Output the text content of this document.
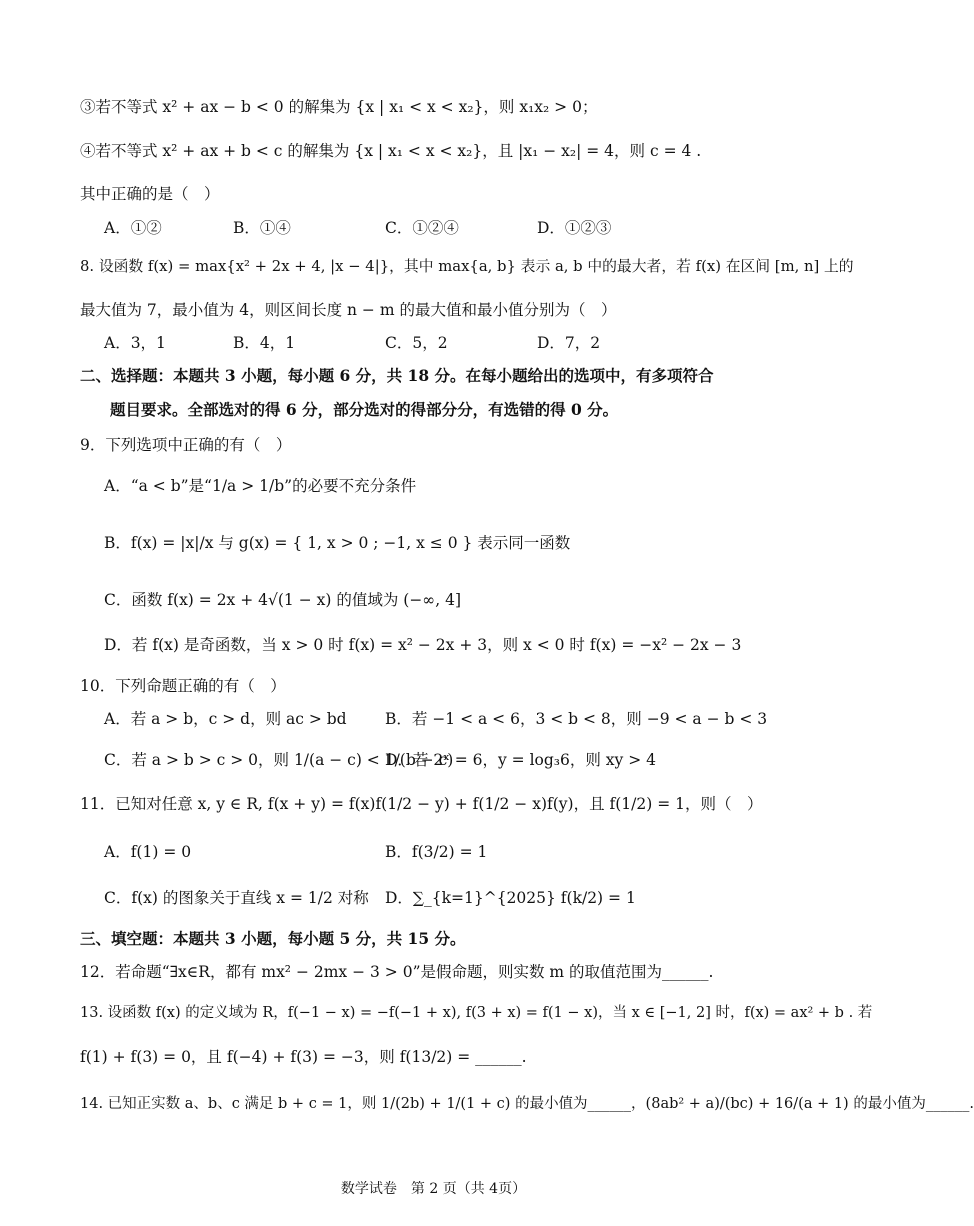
③若不等式 x² + ax − b < 0 的解集为 {x | x₁ < x < x₂}，则 x₁x₂ > 0；
④若不等式 x² + ax + b < c 的解集为 {x | x₁ < x < x₂}，且 |x₁ − x₂| = 4，则 c = 4 .
其中正确的是（　）
A．①②	B．①④	C．①②④	D．①②③
8. 设函数 f(x) = max{x² + 2x + 4, |x − 4|}，其中 max{a, b} 表示 a, b 中的最大者，若 f(x) 在区间 [m, n] 上的
最大值为 7，最小值为 4，则区间长度 n − m 的最大值和最小值分别为（　）
A．3，1	B．4，1	C．5，2	D．7，2
二、选择题：本题共 3 小题，每小题 6 分，共 18 分。在每小题给出的选项中，有多项符合
题目要求。全部选对的得 6 分，部分选对的得部分分，有选错的得 0 分。
9．下列选项中正确的有（　）
A．“a < b”是“1/a > 1/b”的必要不充分条件
B．f(x) = |x|/x 与 g(x) = { 1, x > 0 ; −1, x ≤ 0 } 表示同一函数
C．函数 f(x) = 2x + 4√(1 − x) 的值域为 (−∞, 4]
D．若 f(x) 是奇函数，当 x > 0 时 f(x) = x² − 2x + 3，则 x < 0 时 f(x) = −x² − 2x − 3
10．下列命题正确的有（　）
A．若 a > b，c > d，则 ac > bd B．若 −1 < a < 6，3 < b < 8，则 −9 < a − b < 3
C．若 a > b > c > 0，则 1/(a − c) < 1/(b − c)
D．若 2ˣ = 6，y = log₃6，则 xy > 4
11．已知对任意 x, y ∈ R, f(x + y) = f(x)f(1/2 − y) + f(1/2 − x)f(y)，且 f(1/2) = 1，则（　）
A．f(1) = 0	B．f(3/2) = 1
C．f(x) 的图象关于直线 x = 1/2 对称 D．∑_{k=1}^{2025} f(k/2) = 1
三、填空题：本题共 3 小题，每小题 5 分，共 15 分。
12．若命题“∃x∈R，都有 mx² − 2mx − 3 > 0”是假命题，则实数 m 的取值范围为______.
13. 设函数 f(x) 的定义域为 R，f(−1 − x) = −f(−1 + x), f(3 + x) = f(1 − x)，当 x ∈ [−1, 2] 时，f(x) = ax² + b . 若
f(1) + f(3) = 0，且 f(−4) + f(3) = −3，则 f(13/2) = ______.
14. 已知正实数 a、b、c 满足 b + c = 1，则 1/(2b) + 1/(1 + c) 的最小值为______，(8ab² + a)/(bc) + 16/(a + 1) 的最小值为______.
数学试卷　第 2 页（共 4页）
